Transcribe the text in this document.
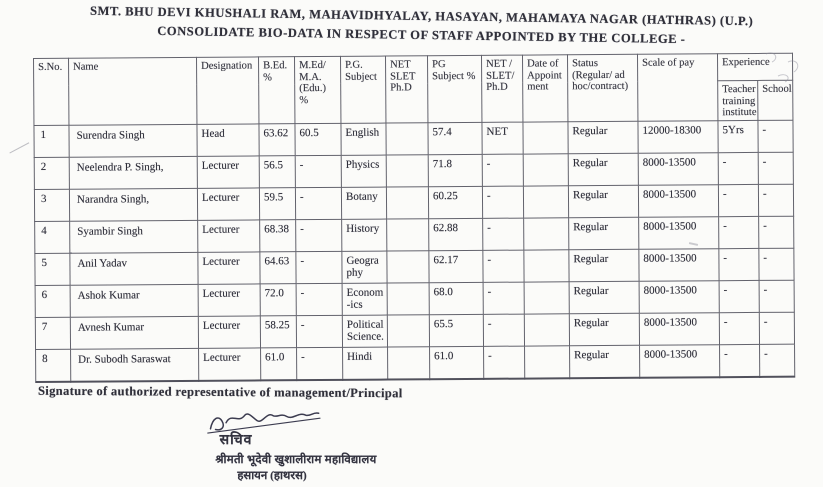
SMT. BHU DEVI KHUSHALI RAM, MAHAVIDHYALAY, HASAYAN, MAHAMAYA NAGAR (HATHRAS) (U.P.)
CONSOLIDATE BIO-DATA IN RESPECT OF STAFF APPOINTED BY THE COLLEGE -
S.No.	Name	Designation	B.Ed. %	M.Ed/ M.A. (Edu.) %	P.G. Subject	NET SLET Ph.D	PG Subject %	NET / SLET/ Ph.D	Date of Appoint ment	Status (Regular/ ad hoc/contract)	Scale of pay	Experience	
												Teacher training institute	School
1	Surendra Singh	Head	63.62	60.5	English		57.4	NET		Regular	12000-18300	5Yrs	-
2	Neelendra P. Singh,	Lecturer	56.5	-	Physics		71.8	-		Regular	8000-13500	-	-
3	Narandra Singh,	Lecturer	59.5	-	Botany		60.25	-		Regular	8000-13500	-	-
4	Syambir Singh	Lecturer	68.38	-	History		62.88	-		Regular	8000-13500	-	-
5	Anil Yadav	Lecturer	64.63	-	Geogra phy		62.17	-		Regular	8000-13500	-	-
6	Ashok Kumar	Lecturer	72.0	-	Econom -ics		68.0	-		Regular	8000-13500	-	-
7	Avnesh Kumar	Lecturer	58.25	-	Political Science.		65.5	-		Regular	8000-13500	-	-
8	Dr. Subodh Saraswat	Lecturer	61.0	-	Hindi		61.0	-		Regular	8000-13500	-	-
Signature of authorized representative of management/Principal
सचिव
श्रीमती भूदेवी खुशालीराम महाविद्यालय
हसायन (हाथरस)
